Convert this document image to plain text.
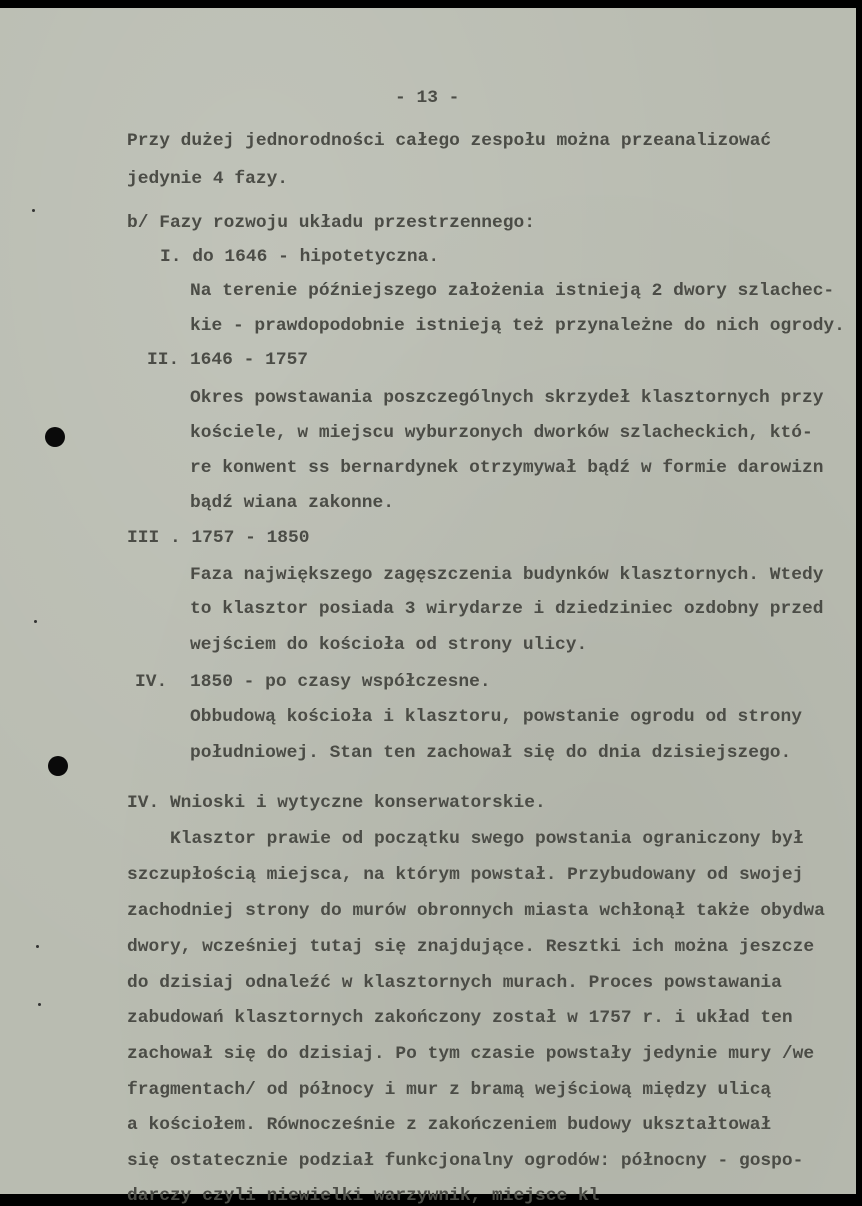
- 13 -
Przy dużej jednorodności całego zespołu można przeanalizować
jedynie 4 fazy.
b/ Fazy rozwoju układu przestrzennego:
I. do 1646 - hipotetyczna.
Na terenie późniejszego założenia istnieją 2 dwory szlachec-
kie - prawdopodobnie istnieją też przynależne do nich ogrody.
II. 1646 - 1757
Okres powstawania poszczególnych skrzydeł klasztornych przy
kościele, w miejscu wyburzonych dworków szlacheckich, któ-
re konwent ss bernardynek otrzymywał bądź w formie darowizn
bądź wiana zakonne.
III . 1757 - 1850
Faza największego zagęszczenia budynków klasztornych. Wtedy
to klasztor posiada 3 wirydarze i dziedziniec ozdobny przed
wejściem do kościoła od strony ulicy.
IV. 1850 - po czasy współczesne.
Obbudową kościoła i klasztoru, powstanie ogrodu od strony
południowej. Stan ten zachował się do dnia dzisiejszego.
IV. Wnioski i wytyczne konserwatorskie.
Klasztor prawie od początku swego powstania ograniczony był
szczupłością miejsca, na którym powstał. Przybudowany od swojej
zachodniej strony do murów obronnych miasta wchłonął także obydwa
dwory, wcześniej tutaj się znajdujące. Resztki ich można jeszcze
do dzisiaj odnaleźć w klasztornych murach. Proces powstawania
zabudowań klasztornych zakończony został w 1757 r. i układ ten
zachował się do dzisiaj. Po tym czasie powstały jedynie mury /we
fragmentach/ od północy i mur z bramą wejściową między ulicą
a kościołem. Równocześnie z zakończeniem budowy ukształtował
się ostatecznie podział funkcjonalny ogrodów: północny - gospo-
darczy czyli niewielki warzywnik, miejsce kl
